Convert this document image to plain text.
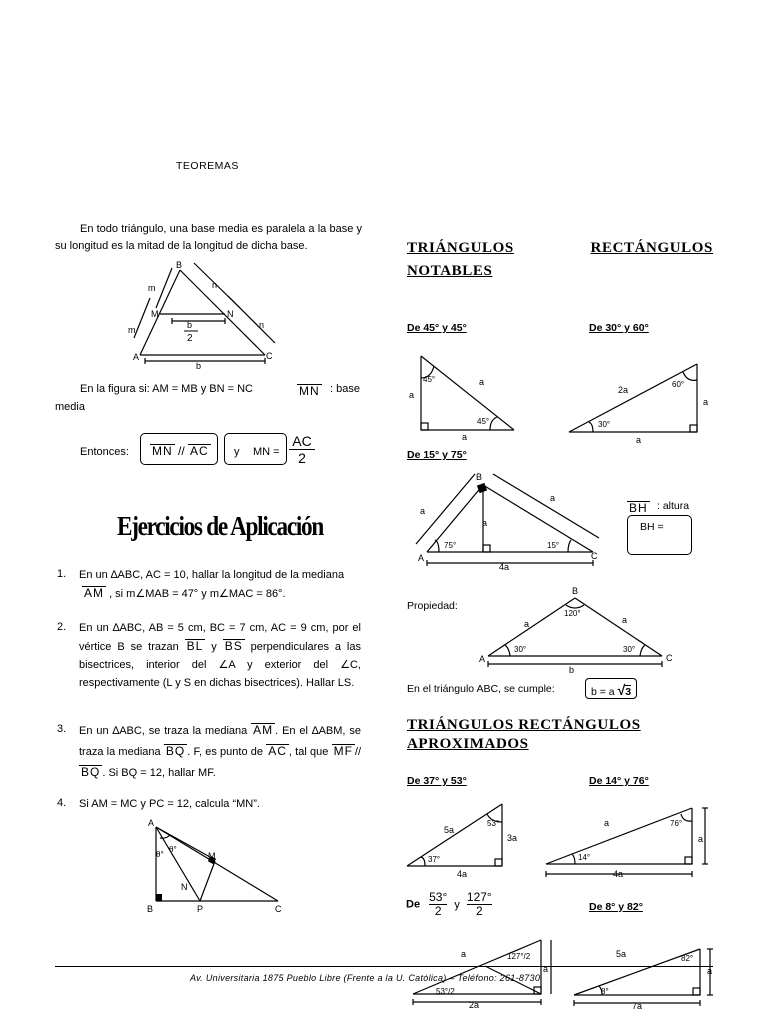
TEOREMAS
En todo triángulo, una base media es paralela a la base y su longitud es la mitad de la longitud de dicha base.
B
A	C
M	N
m
m
n
n
b
b
2
En la figura si: AM = MB y BN = NC	MN : base
media
Entonces: MN // AC y MN =
AC
2
Ejercicios de Aplicación
1. En un ∆ABC, AC = 10, hallar la longitud de la mediana
AM , si m∠MAB = 47° y m∠MAC = 86°.
2. En un ∆ABC, AB = 5 cm, BC = 7 cm, AC = 9 cm, por el vértice B se trazan BL y BS perpendiculares a las bisectrices, interior del ∠A y exterior del ∠C, respectivamente (L y S en dichas bisectrices). Hallar LS.
3. En un ∆ABC, se traza la mediana AM . En el ∆ABM, se traza la mediana BQ . F, es punto de AC , tal que MF //BQ . Si BQ = 12, hallar MF.
4. Si AM = MC y PC = 12, calcula “MN”.
A
B	P	C
M
N
θ°
θ°
TRIÁNGULOS	RECTÁNGULOS
NOTABLES
De 45° y 45°	De 30° y 60°
45°
45°
a
a
a	60°
30°
2a
a
a
De 15° y 75°
B
A	C
a
a
a
4a
75°	15°
BH : altura
BH =
Propiedad:
B
A	C
a	a
b
120°
30°	30°
En el triángulo ABC, se cumple:	b = a √3
TRIÁNGULOS RECTÁNGULOS
APROXIMADOS
De 37° y 53°	De 14° y 76°
53°
37°
5a
3a
4a
76°
14°
a
a
4a
De $\frac{53^\circ}{2}$ y $\frac{127^\circ}{2}$	De 8° y 82°
127°/2
53°/2
a
a
2a
82°
8°
5a
a
7a
Av. Universitaria 1875 Pueblo Libre (Frente a la U. Católica) – Teléfono: 261-8730
